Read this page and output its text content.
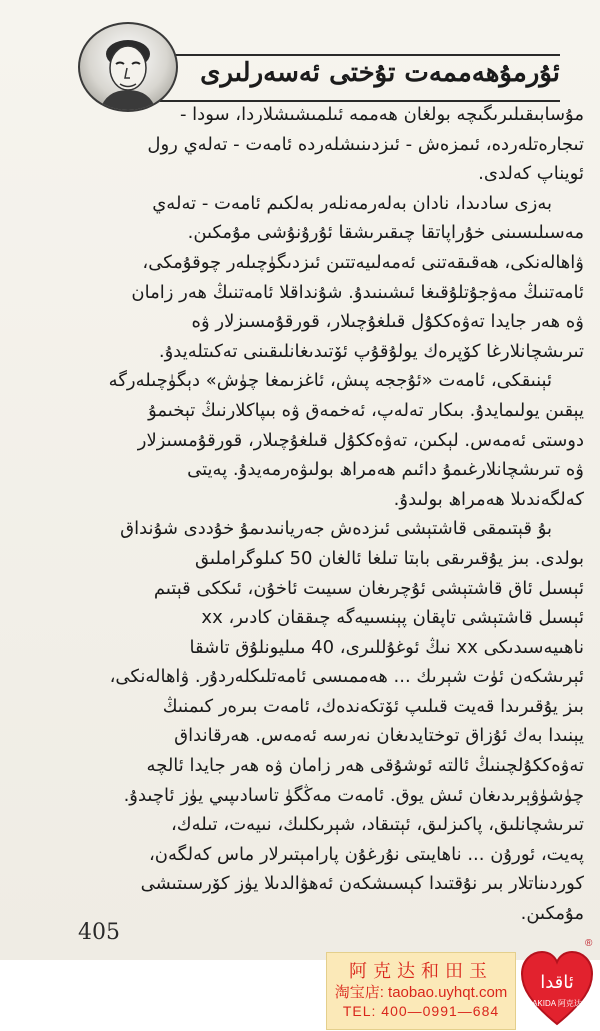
ئۇرمۇھەممەت تۇختى ئەسەرلىرى
مۇسابىقىلىرىگىچە بولغان ھەممە ئىلمىشىشلاردا، سودا -
تىجارەتلەردە، ئىمزەش - ئىزدىنىشلەردە ئامەت - تەلەي رول
ئويناپ كەلدى.
بەزى سادىدا، نادان بەلەرمەنلەر بەلكىم ئامەت - تەلەي
مەسىلىسىنى خۇراپاتقا چىقىرىشقا ئۇرۇنۇشى مۇمكىن.
ۋاھالەنكى، ھەقىقەتنى ئەمەلىيەتتىن ئىزدىگۈچىلەر چوقۇمكى،
ئامەتنىڭ مەۋجۇتلۇقىغا ئىشىنىدۇ. شۇنداقلا ئامەتنىڭ ھەر زامان
ۋە ھەر جايدا تەۋەككۇل قىلغۇچىلار، قورقۇمسىزلار ۋە
تىرىشچانلارغا كۆپرەك يولۇقۇپ ئۆتىدىغانلىقىنى تەكىتلەيدۇ.
ئېنىقكى، ئامەت «ئۇججە پىش، ئاغزىمغا چۈش» دېگۈچىلەرگە
يېقىن يولىمايدۇ. بىكار تەلەپ، ئەخمەق ۋە بىپاكلارنىڭ تېخىمۇ
دوستى ئەمەس. لېكىن، تەۋەككۇل قىلغۇچىلار، قورقۇمسىزلار
ۋە تىرىشچانلارغىمۇ دائىم ھەمراھ بولىۋەرمەيدۇ. پەيتى
كەلگەندىلا ھەمراھ بولىدۇ.
بۇ قېتىمقى قاشتېشى ئىزدەش جەريانىدىمۇ خۇددى شۇنداق
بولدى. بىز يۇقىرىقى بابتا تىلغا ئالغان 50 كىلوگراملىق
ئېسىل ئاق قاشتېشى ئۇچرىغان سىيىت ئاخۇن، ئىككى قېتىم
ئېسىل قاشتېشى تاپقان پېنسىيەگە چىققان كادىر، xx
ناھىيەسىدىكى xx نىڭ ئوغۇللىرى، 40 مىليونلۇق تاشقا
ئېرىشكەن ئۈت شېرىك ... ھەممىسى ئامەتلىكلەردۇر. ۋاھالەنكى،
بىز يۇقىرىدا قەيت قىلىپ ئۆتكەندەك، ئامەت بىرەر كىمنىڭ
يېنىدا بەك ئۇزاق توختايدىغان نەرسە ئەمەس. ھەرقانداق
تەۋەككۇلچىنىڭ ئالتە ئوشۇقى ھەر زامان ۋە ھەر جايدا ئالچە
چۈشۈۋېرىدىغان ئىش يوق. ئامەت مەڭگۈ تاسادىپىي يۈز ئاچىدۇ.
تىرىشچانلىق، پاكىزلىق، ئېتىقاد، شېرىكلىك، نىيەت، تىلەك،
پەيت، ئورۇن ... ناھايىتى نۇرغۇن پارامېتىرلار ماس كەلگەن،
كوردىناتلار بىر نۇقتىدا كېسىشكەن ئەھۋالدىلا يۈز كۆرسىتىشى
مۇمكىن.
405
阿克达和田玉
淘宝店: taobao.uyhqt.com
TEL: 400—0991—684
ئاقدا
AKIDA 阿克达
®
